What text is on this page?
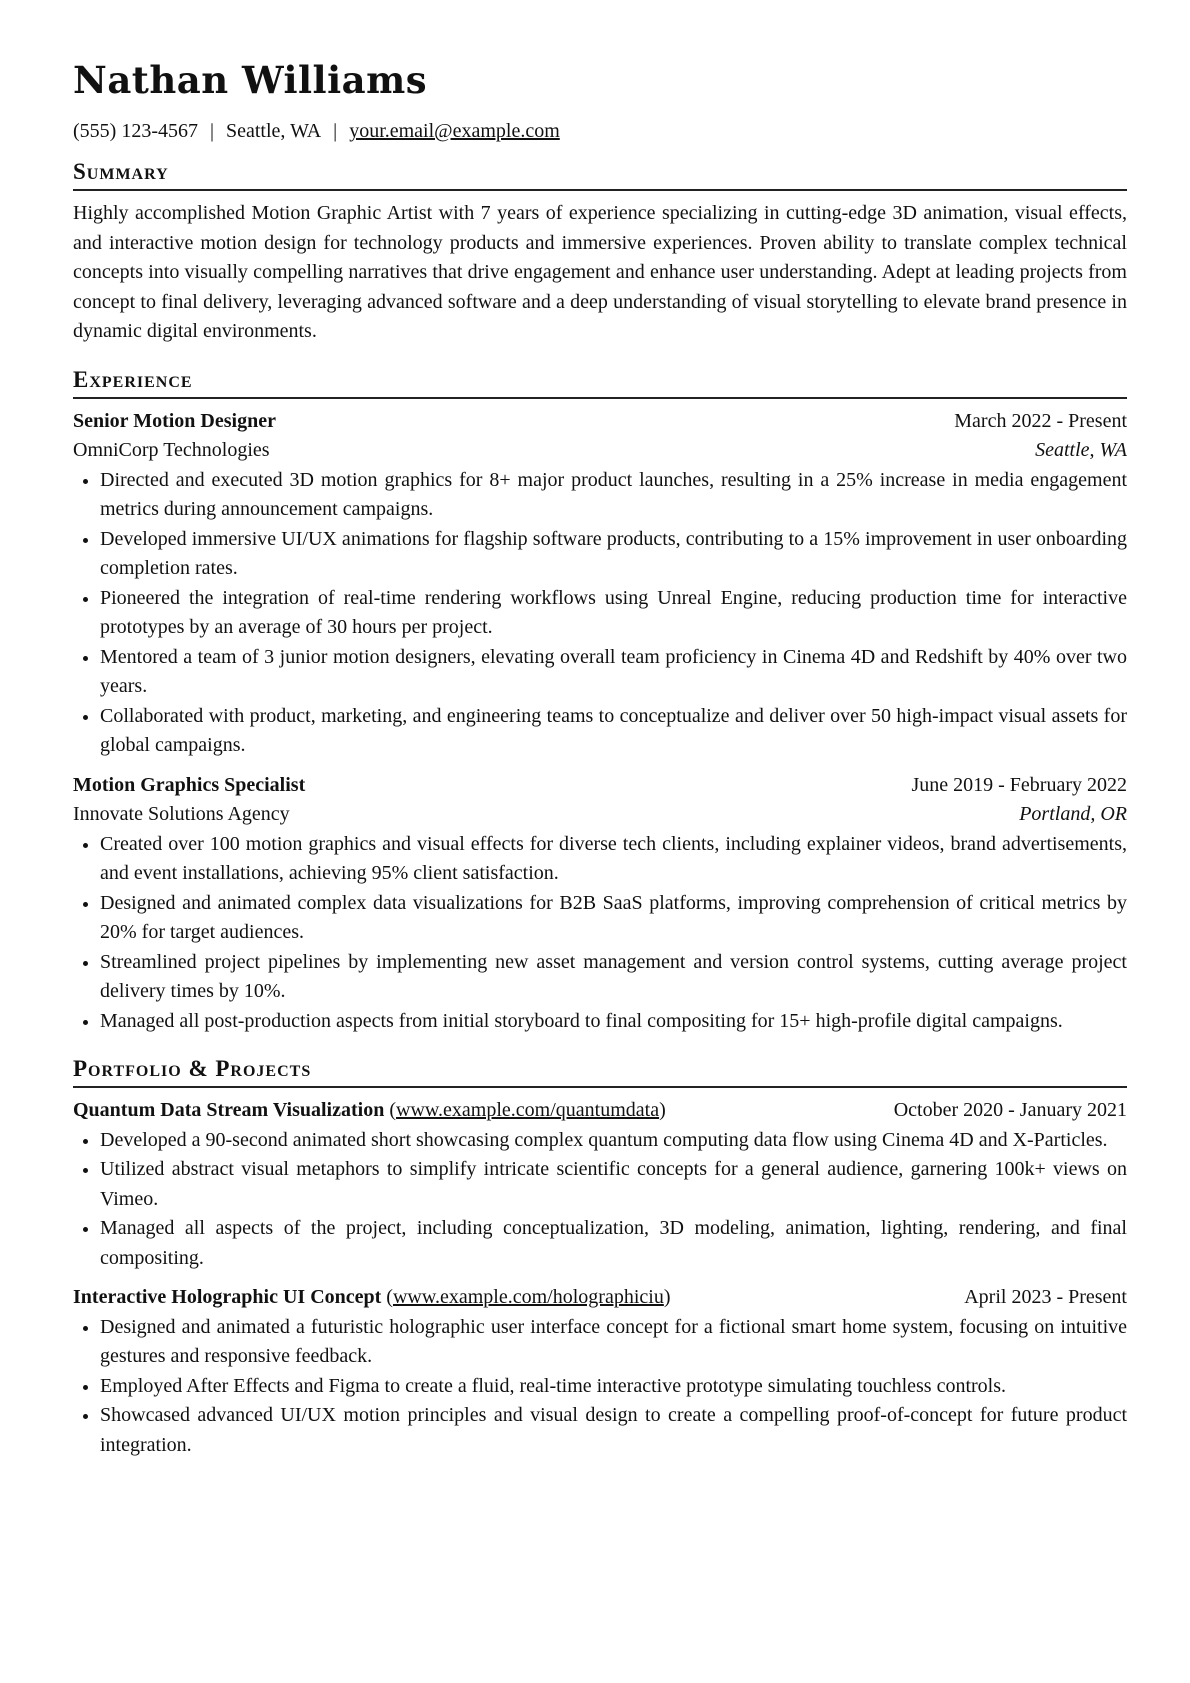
Nathan Williams
(555) 123-4567 | Seattle, WA | your.email@example.com
Summary

Highly accomplished Motion Graphic Artist with 7 years of experience specializing in cutting-edge 3D animation, visual effects, and interactive motion design for technology products and immersive experiences. Proven ability to translate complex technical concepts into visually compelling narratives that drive engagement and enhance user understanding. Adept at leading projects from concept to final delivery, leveraging advanced software and a deep understanding of visual storytelling to elevate brand presence in dynamic digital environments.

Experience
Senior Motion Designer	March 2022 - Present
OmniCorp Technologies	Seattle, WA
Directed and executed 3D motion graphics for 8+ major product launches, resulting in a 25% increase in media engagement metrics during announcement campaigns.
Developed immersive UI/UX animations for flagship software products, contributing to a 15% improvement in user onboarding completion rates.
Pioneered the integration of real-time rendering workflows using Unreal Engine, reducing production time for interactive prototypes by an average of 30 hours per project.
Mentored a team of 3 junior motion designers, elevating overall team proficiency in Cinema 4D and Redshift by 40% over two years.
Collaborated with product, marketing, and engineering teams to conceptualize and deliver over 50 high-impact visual assets for global campaigns.
Motion Graphics Specialist	June 2019 - February 2022
Innovate Solutions Agency	Portland, OR
Created over 100 motion graphics and visual effects for diverse tech clients, including explainer videos, brand advertisements, and event installations, achieving 95% client satisfaction.
Designed and animated complex data visualizations for B2B SaaS platforms, improving comprehension of critical metrics by 20% for target audiences.
Streamlined project pipelines by implementing new asset management and version control systems, cutting average project delivery times by 10%.
Managed all post-production aspects from initial storyboard to final compositing for 15+ high-profile digital campaigns.
Portfolio & Projects
Quantum Data Stream Visualization (www.example.com/quantumdata)	October 2020 - January 2021
Developed a 90-second animated short showcasing complex quantum computing data flow using Cinema 4D and X-Particles.
Utilized abstract visual metaphors to simplify intricate scientific concepts for a general audience, garnering 100k+ views on Vimeo.
Managed all aspects of the project, including conceptualization, 3D modeling, animation, lighting, rendering, and final compositing.
Interactive Holographic UI Concept (www.example.com/holographiciu)	April 2023 - Present
Designed and animated a futuristic holographic user interface concept for a fictional smart home system, focusing on intuitive gestures and responsive feedback.
Employed After Effects and Figma to create a fluid, real-time interactive prototype simulating touchless controls.
Showcased advanced UI/UX motion principles and visual design to create a compelling proof-of-concept for future product integration.
